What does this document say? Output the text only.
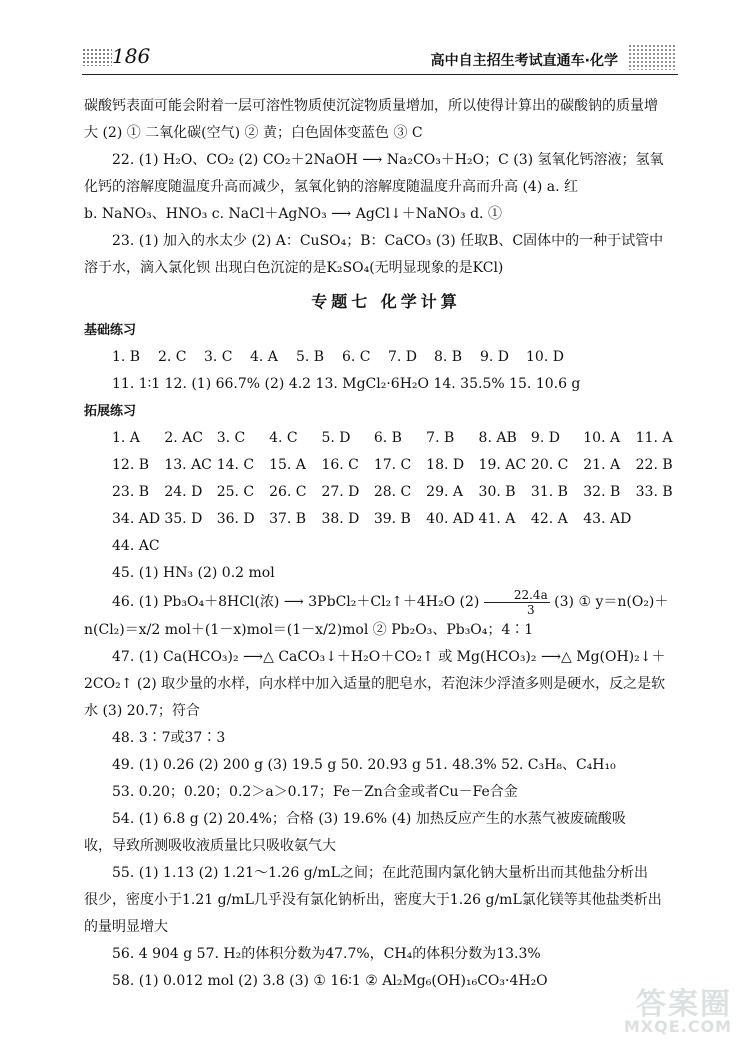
186	高中自主招生考试直通车·化学

碳酸钙表面可能会附着一层可溶性物质使沉淀物质量增加，所以使得计算出的碳酸钠的质量增

大 (2) ① 二氧化碳(空气) ② 黄；白色固体变蓝色 ③ C

22. (1) H₂O、CO₂ (2) CO₂＋2NaOH ⟶ Na₂CO₃＋H₂O；C (3) 氢氧化钙溶液；氢氧

化钙的溶解度随温度升高而减少，氢氧化钠的溶解度随温度升高而升高 (4) a. 红

b. NaNO₃、HNO₃ c. NaCl＋AgNO₃ ⟶ AgCl↓＋NaNO₃ d. ①

23. (1) 加入的水太少 (2) A：CuSO₄；B：CaCO₃ (3) 任取B、C固体中的一种于试管中

溶于水，滴入氯化钡 出现白色沉淀的是K₂SO₄(无明显现象的是KCl)

专题七 化学计算

基础练习

1. B	2. C	3. C	4. A	5. B	6. C	7. D	8. B	9. D	10. D

11. 1∶1 12. (1) 66.7% (2) 4.2 13. MgCl₂·6H₂O 14. 35.5% 15. 10.6 g

拓展练习

1. A	2. AC 3. C	4. C	5. D	6. B	7. B	8. AB	9. D	10. A	11. A
12. B	13. AC 14. C	15. A	16. C	17. C	18. D	19. AC 20. C	21. A	22. B
23. B	24. D	25. C	26. C	27. D	28. C	29. A	30. B	31. B	32. B	33. B
34. AD 35. D	36. D	37. B	38. D	39. B	40. AD 41. A	42. A	43. AD
44. AC

45. (1) HN₃ (2) 0.2 mol

46. (1) Pb₃O₄＋8HCl(浓) ⟶ 3PbCl₂＋Cl₂↑＋4H₂O $(2) \frac{22.4a}{3} (3)$ ① y＝n(O₂)＋

n(Cl₂)＝x/2 mol＋(1－x)mol＝(1－x/2)mol ② Pb₂O₃、Pb₃O₄；4∶1

47. (1) Ca(HCO₃)₂ ⟶△ CaCO₃↓＋H₂O＋CO₂↑ 或 Mg(HCO₃)₂ ⟶△ Mg(OH)₂↓＋

2CO₂↑ (2) 取少量的水样，向水样中加入适量的肥皂水，若泡沫少浮渣多则是硬水，反之是软

水 (3) 20.7；符合

48. 3∶7或37∶3

49. (1) 0.26 (2) 200 g (3) 19.5 g 50. 20.93 g 51. 48.3% 52. C₃H₈、C₄H₁₀

53. 0.20；0.20；0.2＞a＞0.17；Fe－Zn合金或者Cu－Fe合金

54. (1) 6.8 g (2) 20.4%；合格 (3) 19.6% (4) 加热反应产生的水蒸气被废硫酸吸

收，导致所测吸收液质量比只吸收氨气大

55. (1) 1.13 (2) 1.21～1.26 g/mL之间；在此范围内氯化钠大量析出而其他盐分析出

很少，密度小于1.21 g/mL几乎没有氯化钠析出，密度大于1.26 g/mL氯化镁等其他盐类析出

的量明显增大

56. 4 904 g 57. H₂的体积分数为47.7%，CH₄的体积分数为13.3%

58. (1) 0.012 mol (2) 3.8 (3) ① 16∶1 ② Al₂Mg₆(OH)₁₆CO₃·4H₂O

答案圈
MXQE.COM
